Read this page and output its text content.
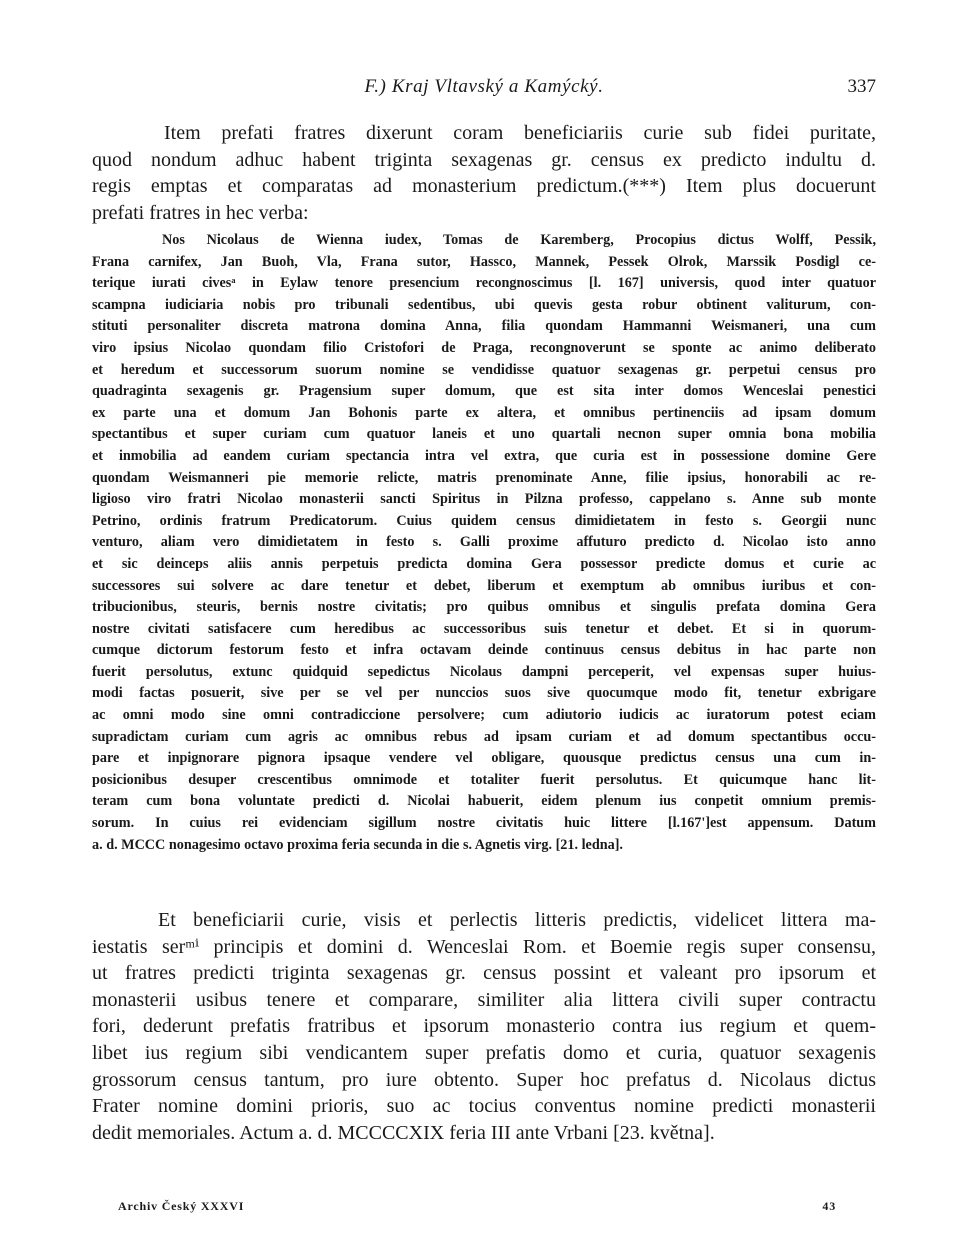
F.) Kraj Vltavský a Kamýcký.	337
Item prefati fratres dixerunt coram beneficiariis curie sub fidei puritate,
quod nondum adhuc habent triginta sexagenas gr. census ex predicto indultu d.
regis emptas et comparatas ad monasterium predictum.(***) Item plus docuerunt
prefati fratres in hec verba:
Nos Nicolaus de Wienna iudex, Tomas de Karemberg, Procopius dictus Wolff, Pessik,
Frana carnifex, Jan Buoh, Vla, Frana sutor, Hassco, Mannek, Pessek Olrok, Marssik Posdigl ce-
terique iurati civesᵃ in Eylaw tenore presencium recongnoscimus [l. 167] universis, quod inter quatuor
scampna iudiciaria nobis pro tribunali sedentibus, ubi quevis gesta robur obtinent valiturum, con-
stituti personaliter discreta matrona domina Anna, filia quondam Hammanni Weismaneri, una cum
viro ipsius Nicolao quondam filio Cristofori de Praga, recongnoverunt se sponte ac animo deliberato
et heredum et successorum suorum nomine se vendidisse quatuor sexagenas gr. perpetui census pro
quadraginta sexagenis gr. Pragensium super domum, que est sita inter domos Wenceslai penestici
ex parte una et domum Jan Bohonis parte ex altera, et omnibus pertinenciis ad ipsam domum
spectantibus et super curiam cum quatuor laneis et uno quartali necnon super omnia bona mobilia
et inmobilia ad eandem curiam spectancia intra vel extra, que curia est in possessione domine Gere
quondam Weismanneri pie memorie relicte, matris prenominate Anne, filie ipsius, honorabili ac re-
ligioso viro fratri Nicolao monasterii sancti Spiritus in Pilzna professo, cappelano s. Anne sub monte
Petrino, ordinis fratrum Predicatorum. Cuius quidem census dimidietatem in festo s. Georgii nunc
venturo, aliam vero dimidietatem in festo s. Galli proxime affuturo predicto d. Nicolao isto anno
et sic deinceps aliis annis perpetuis predicta domina Gera possessor predicte domus et curie ac
successores sui solvere ac dare tenetur et debet, liberum et exemptum ab omnibus iuribus et con-
tribucionibus, steuris, bernis nostre civitatis; pro quibus omnibus et singulis prefata domina Gera
nostre civitati satisfacere cum heredibus ac successoribus suis tenetur et debet. Et si in quorum-
cumque dictorum festorum festo et infra octavam deinde continuus census debitus in hac parte non
fuerit persolutus, extunc quidquid sepedictus Nicolaus dampni perceperit, vel expensas super huius-
modi factas posuerit, sive per se vel per nunccios suos sive quocumque modo fit, tenetur exbrigare
ac omni modo sine omni contradiccione persolvere; cum adiutorio iudicis ac iuratorum potest eciam
supradictam curiam cum agris ac omnibus rebus ad ipsam curiam et ad domum spectantibus occu-
pare et inpignorare pignora ipsaque vendere vel obligare, quousque predictus census una cum in-
posicionibus desuper crescentibus omnimode et totaliter fuerit persolutus. Et quicumque hanc lit-
teram cum bona voluntate predicti d. Nicolai habuerit, eidem plenum ius conpetit omnium premis-
sorum. In cuius rei evidenciam sigillum nostre civitatis huic littere [l.167']est appensum. Datum
a. d. MCCC nonagesimo octavo proxima feria secunda in die s. Agnetis virg. [21. ledna].
Et beneficiarii curie, visis et perlectis litteris predictis, videlicet littera ma-
iestatis serᵐⁱ principis et domini d. Wenceslai Rom. et Boemie regis super consensu,
ut fratres predicti triginta sexagenas gr. census possint et valeant pro ipsorum et
monasterii usibus tenere et comparare, similiter alia littera civili super contractu
fori, dederunt prefatis fratribus et ipsorum monasterio contra ius regium et quem-
libet ius regium sibi vendicantem super prefatis domo et curia, quatuor sexagenis
grossorum census tantum, pro iure obtento. Super hoc prefatus d. Nicolaus dictus
Frater nomine domini prioris, suo ac tocius conventus nomine predicti monasterii
dedit memoriales. Actum a. d. MCCCCXIX feria III ante Vrbani [23. května].
Archiv Český XXXVI	43
